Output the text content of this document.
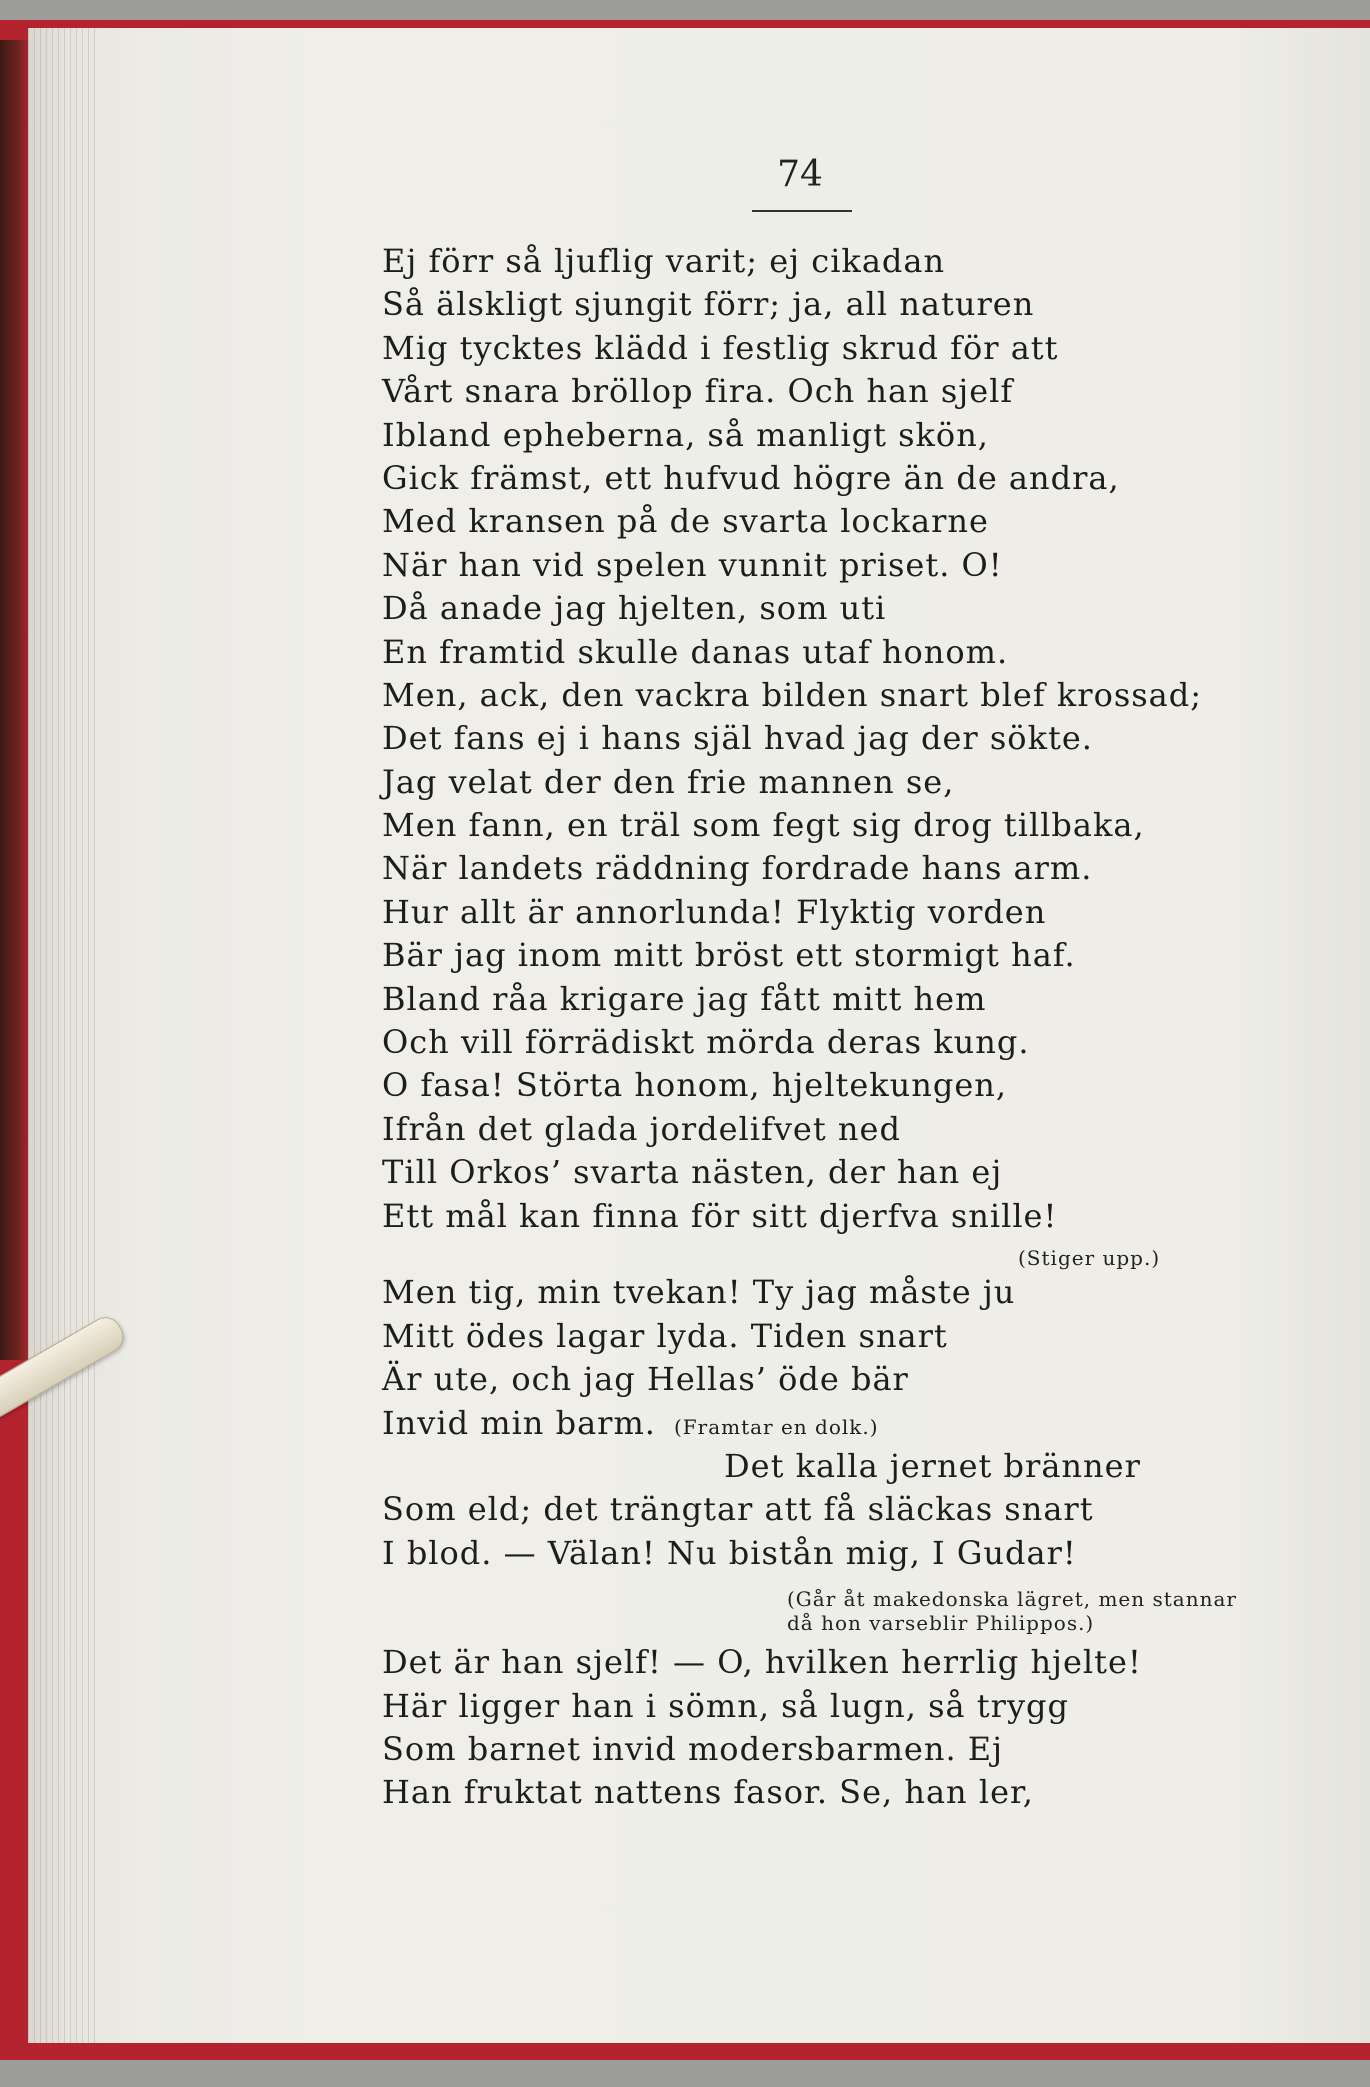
74
Ej förr så ljuflig varit; ej cikadan
Så älskligt sjungit förr; ja, all naturen
Mig tycktes klädd i festlig skrud för att
Vårt snara bröllop fira. Och han sjelf
Ibland epheberna, så manligt skön,
Gick främst, ett hufvud högre än de andra,
Med kransen på de svarta lockarne
När han vid spelen vunnit priset. O!
Då anade jag hjelten, som uti
En framtid skulle danas utaf honom.
Men, ack, den vackra bilden snart blef krossad;
Det fans ej i hans själ hvad jag der sökte.
Jag velat der den frie mannen se,
Men fann, en träl som fegt sig drog tillbaka,
När landets räddning fordrade hans arm.
Hur allt är annorlunda! Flyktig vorden
Bär jag inom mitt bröst ett stormigt haf.
Bland råa krigare jag fått mitt hem
Och vill förrädiskt mörda deras kung.
O fasa! Störta honom, hjeltekungen,
Ifrån det glada jordelifvet ned
Till Orkos’ svarta nästen, der han ej
Ett mål kan finna för sitt djerfva snille!
(Stiger upp.)
Men tig, min tvekan! Ty jag måste ju
Mitt ödes lagar lyda. Tiden snart
Är ute, och jag Hellas’ öde bär
Invid min barm. (Framtar en dolk.)
Det kalla jernet bränner
Som eld; det trängtar att få släckas snart
I blod. — Välan! Nu bistån mig, I Gudar!
(Går åt makedonska lägret, men stannar
då hon varseblir Philippos.)
Det är han sjelf! — O, hvilken herrlig hjelte!
Här ligger han i sömn, så lugn, så trygg
Som barnet invid modersbarmen. Ej
Han fruktat nattens fasor. Se, han ler,
